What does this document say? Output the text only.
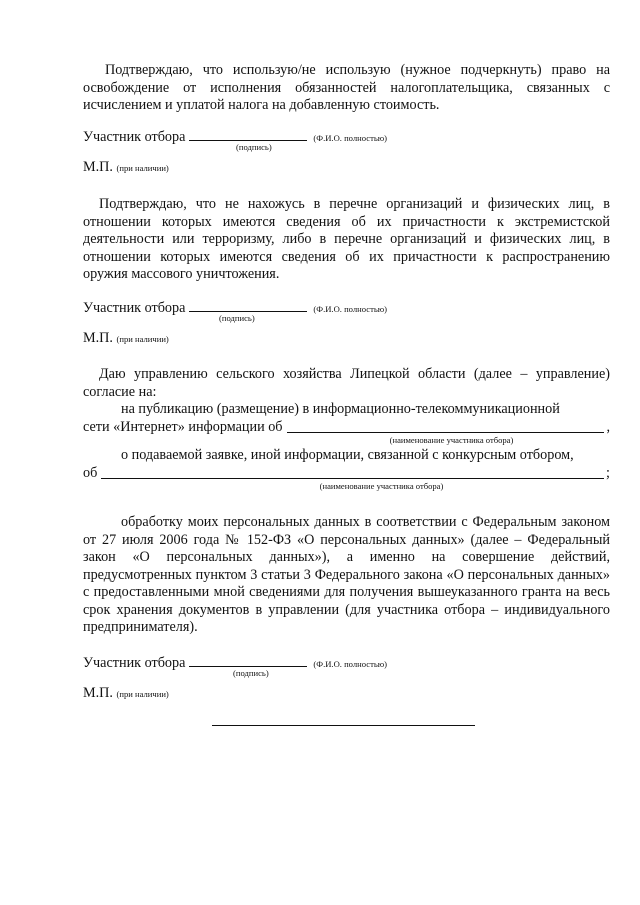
Подтверждаю, что использую/не использую (нужное подчеркнуть) право на освобождение от исполнения обязанностей налогоплательщика, связанных с исчислением и уплатой налога на добавленную стоимость.

Участник отбора	(Ф.И.О. полностью)
(подпись)
М.П. (при наличии)

Подтверждаю, что не нахожусь в перечне организаций и физических лиц, в отношении которых имеются сведения об их причастности к экстремистской деятельности или терроризму, либо в перечне организаций и физических лиц, в отношении которых имеются сведения об их причастности к распространению оружия массового уничтожения.

Участник отбора	(Ф.И.О. полностью)
(подпись)
М.П. (при наличии)

Даю управлению сельского хозяйства Липецкой области (далее – управление) согласие на:

на публикацию (размещение) в информационно-телекоммуникационной

сети «Интернет» информации об	,
(наименование участника отбора)

о подаваемой заявке, иной информации, связанной с конкурсным отбором,

об	;
(наименование участника отбора)

обработку моих персональных данных в соответствии с Федеральным законом от 27 июля 2006 года № 152-ФЗ «О персональных данных» (далее – Федеральный закон «О персональных данных»), а именно на совершение действий, предусмотренных пунктом 3 статьи 3 Федерального закона «О персональных данных» с предоставленными мной сведениями для получения вышеуказанного гранта на весь срок хранения документов в управлении (для участника отбора – индивидуального предпринимателя).

Участник отбора	(Ф.И.О. полностью)
(подпись)
М.П. (при наличии)
